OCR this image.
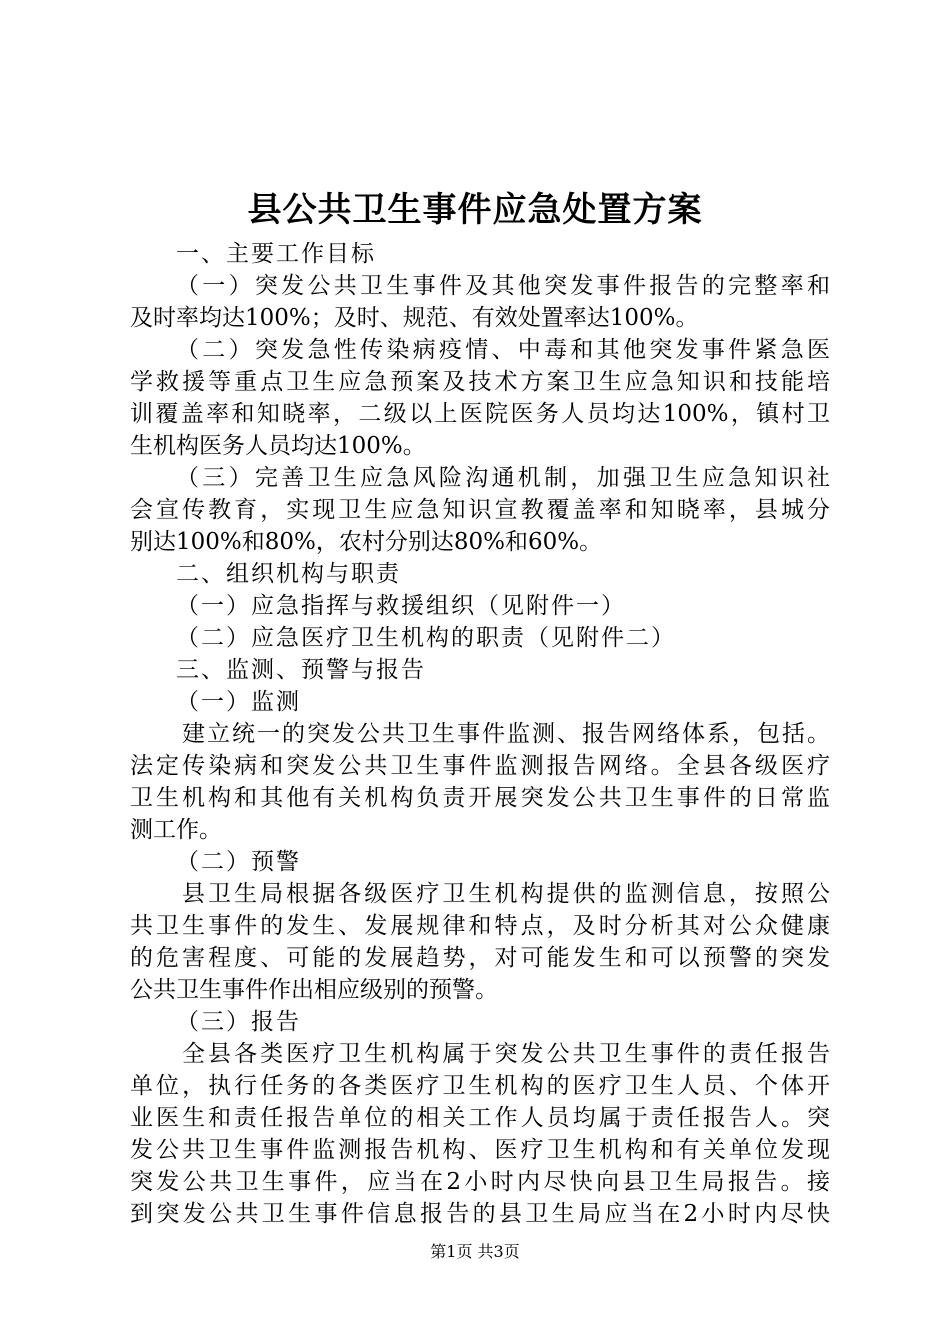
县公共卫生事件应急处置方案
一、主要工作目标
（一）突发公共卫生事件及其他突发事件报告的完整率和
及时率均达100%；及时、规范、有效处置率达100%。
（二）突发急性传染病疫情、中毒和其他突发事件紧急医
学救援等重点卫生应急预案及技术方案卫生应急知识和技能培
训覆盖率和知晓率，二级以上医院医务人员均达100%，镇村卫
生机构医务人员均达100%。
（三）完善卫生应急风险沟通机制，加强卫生应急知识社
会宣传教育，实现卫生应急知识宣教覆盖率和知晓率，县城分
别达100%和80%，农村分别达80%和60%。
二、组织机构与职责
（一）应急指挥与救援组织（见附件一）
（二）应急医疗卫生机构的职责（见附件二）
三、监测、预警与报告
（一）监测
建立统一的突发公共卫生事件监测、报告网络体系，包括。
法定传染病和突发公共卫生事件监测报告网络。全县各级医疗
卫生机构和其他有关机构负责开展突发公共卫生事件的日常监
测工作。
（二）预警
县卫生局根据各级医疗卫生机构提供的监测信息，按照公
共卫生事件的发生、发展规律和特点，及时分析其对公众健康
的危害程度、可能的发展趋势，对可能发生和可以预警的突发
公共卫生事件作出相应级别的预警。
（三）报告
全县各类医疗卫生机构属于突发公共卫生事件的责任报告
单位，执行任务的各类医疗卫生机构的医疗卫生人员、个体开
业医生和责任报告单位的相关工作人员均属于责任报告人。突
发公共卫生事件监测报告机构、医疗卫生机构和有关单位发现
突发公共卫生事件，应当在2小时内尽快向县卫生局报告。接
到突发公共卫生事件信息报告的县卫生局应当在2小时内尽快
第1页 共3页
